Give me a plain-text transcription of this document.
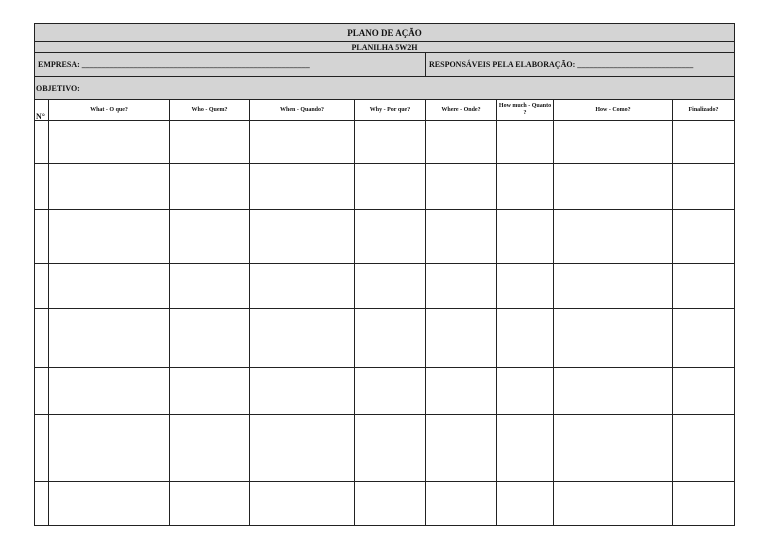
PLANO DE AÇÃO								
PLANILHA 5W2H								
EMPRESA: _________________________________________________________					RESPONSÁVEIS PELA ELABORAÇÃO: _____________________________			
OBJETIVO:								
N°	What - O que?	Who - Quem?	When - Quando?	Why - Por que?	Where - Onde?	How much - Quanto ?	How - Como?	Finalizado?
